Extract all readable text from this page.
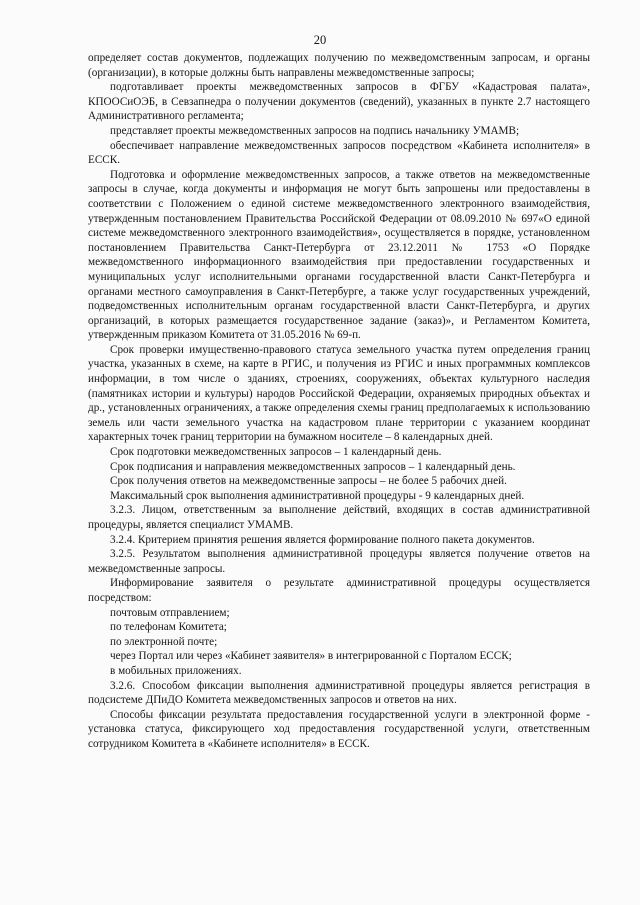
20

определяет состав документов, подлежащих получению по межведомственным запросам, и органы (организации), в которые должны быть направлены межведомственные запросы;

подготавливает проекты межведомственных запросов в ФГБУ «Кадастровая палата», КПООСиОЭБ, в Севзапнедра о получении документов (сведений), указанных в пункте 2.7 настоящего Административного регламента;

представляет проекты межведомственных запросов на подпись начальнику УМАМВ;

обеспечивает направление межведомственных запросов посредством «Кабинета исполнителя» в ЕССК.

Подготовка и оформление межведомственных запросов, а также ответов на межведомственные запросы в случае, когда документы и информация не могут быть запрошены или предоставлены в соответствии с Положением о единой системе межведомственного электронного взаимодействия, утвержденным постановлением Правительства Российской Федерации от 08.09.2010 № 697«О единой системе межведомственного электронного взаимодействия», осуществляется в порядке, установленном постановлением Правительства Санкт-Петербурга от 23.12.2011 № 1753 «О Порядке межведомственного информационного взаимодействия при предоставлении государственных и муниципальных услуг исполнительными органами государственной власти Санкт-Петербурга и органами местного самоуправления в Санкт-Петербурге, а также услуг государственных учреждений, подведомственных исполнительным органам государственной власти Санкт-Петербурга, и других организаций, в которых размещается государственное задание (заказ)», и Регламентом Комитета, утвержденным приказом Комитета от 31.05.2016 № 69-п.

Срок проверки имущественно-правового статуса земельного участка путем определения границ участка, указанных в схеме, на карте в РГИС, и получения из РГИС и иных программных комплексов информации, в том числе о зданиях, строениях, сооружениях, объектах культурного наследия (памятниках истории и культуры) народов Российской Федерации, охраняемых природных объектах и др., установленных ограничениях, а также определения схемы границ предполагаемых к использованию земель или части земельного участка на кадастровом плане территории с указанием координат характерных точек границ территории на бумажном носителе – 8 календарных дней.

Срок подготовки межведомственных запросов – 1 календарный день.

Срок подписания и направления межведомственных запросов – 1 календарный день.

Срок получения ответов на межведомственные запросы – не более 5 рабочих дней.

Максимальный срок выполнения административной процедуры - 9 календарных дней.

3.2.3. Лицом, ответственным за выполнение действий, входящих в состав административной процедуры, является специалист УМАМВ.

3.2.4. Критерием принятия решения является формирование полного пакета документов.

3.2.5. Результатом выполнения административной процедуры является получение ответов на межведомственные запросы.

Информирование заявителя о результате административной процедуры осуществляется посредством:

почтовым отправлением;

по телефонам Комитета;

по электронной почте;

через Портал или через «Кабинет заявителя» в интегрированной с Порталом ЕССК;

в мобильных приложениях.

3.2.6. Способом фиксации выполнения административной процедуры является регистрация в подсистеме ДПиДО Комитета межведомственных запросов и ответов на них.

Способы фиксации результата предоставления государственной услуги в электронной форме - установка статуса, фиксирующего ход предоставления государственной услуги, ответственным сотрудником Комитета в «Кабинете исполнителя» в ЕССК.
